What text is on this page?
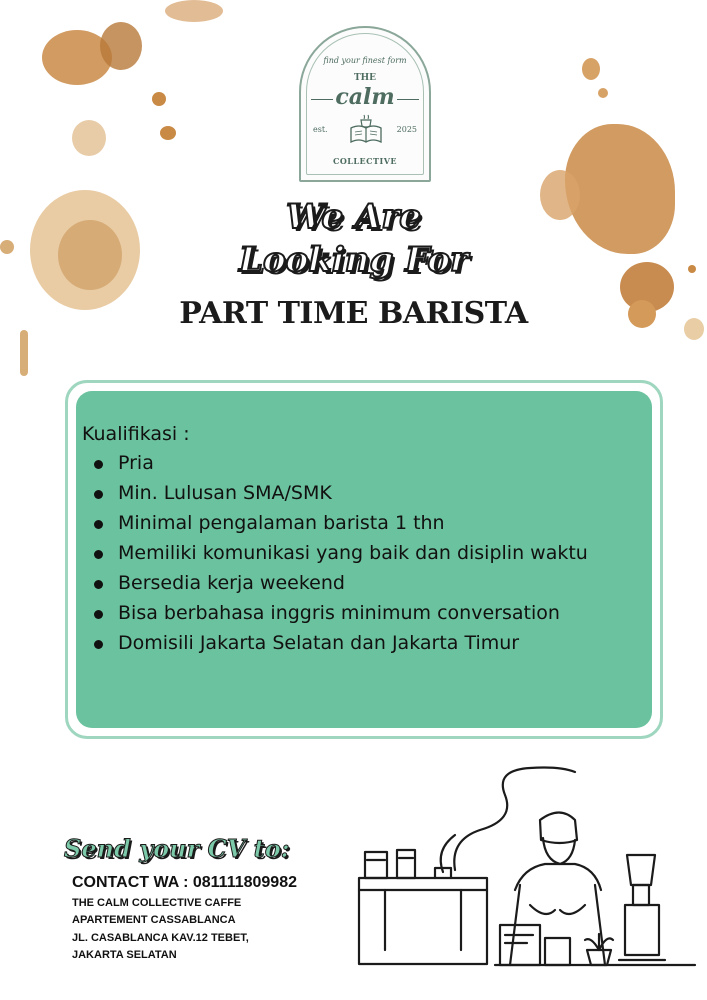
find your finest form
THE
calm
est.	2025
COLLECTIVE
We Are
Looking For
PART TIME BARISTA
Kualifikasi :
Pria
Min. Lulusan SMA/SMK
Minimal pengalaman barista 1 thn
Memiliki komunikasi yang baik dan disiplin waktu
Bersedia kerja weekend
Bisa berbahasa inggris minimum conversation
Domisili Jakarta Selatan dan Jakarta Timur
Send your CV to:
CONTACT WA : 081111809982
THE CALM COLLECTIVE CAFFE
APARTEMENT CASSABLANCA
JL. CASABLANCA KAV.12 TEBET,
JAKARTA SELATAN
